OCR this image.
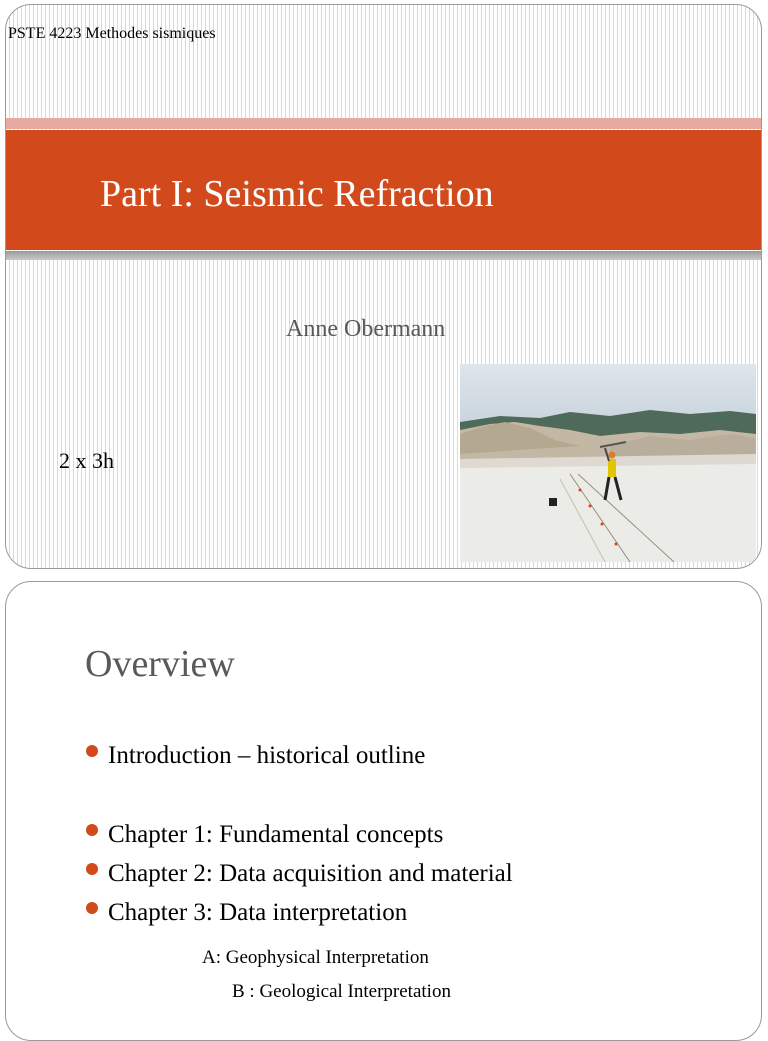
PSTE 4223 Methodes sismiques
Part I: Seismic Refraction
Anne Obermann
2 x 3h
Overview
Introduction – historical outline
Chapter 1: Fundamental concepts
Chapter 2: Data acquisition and material
Chapter 3: Data interpretation
A: Geophysical Interpretation
B : Geological Interpretation
